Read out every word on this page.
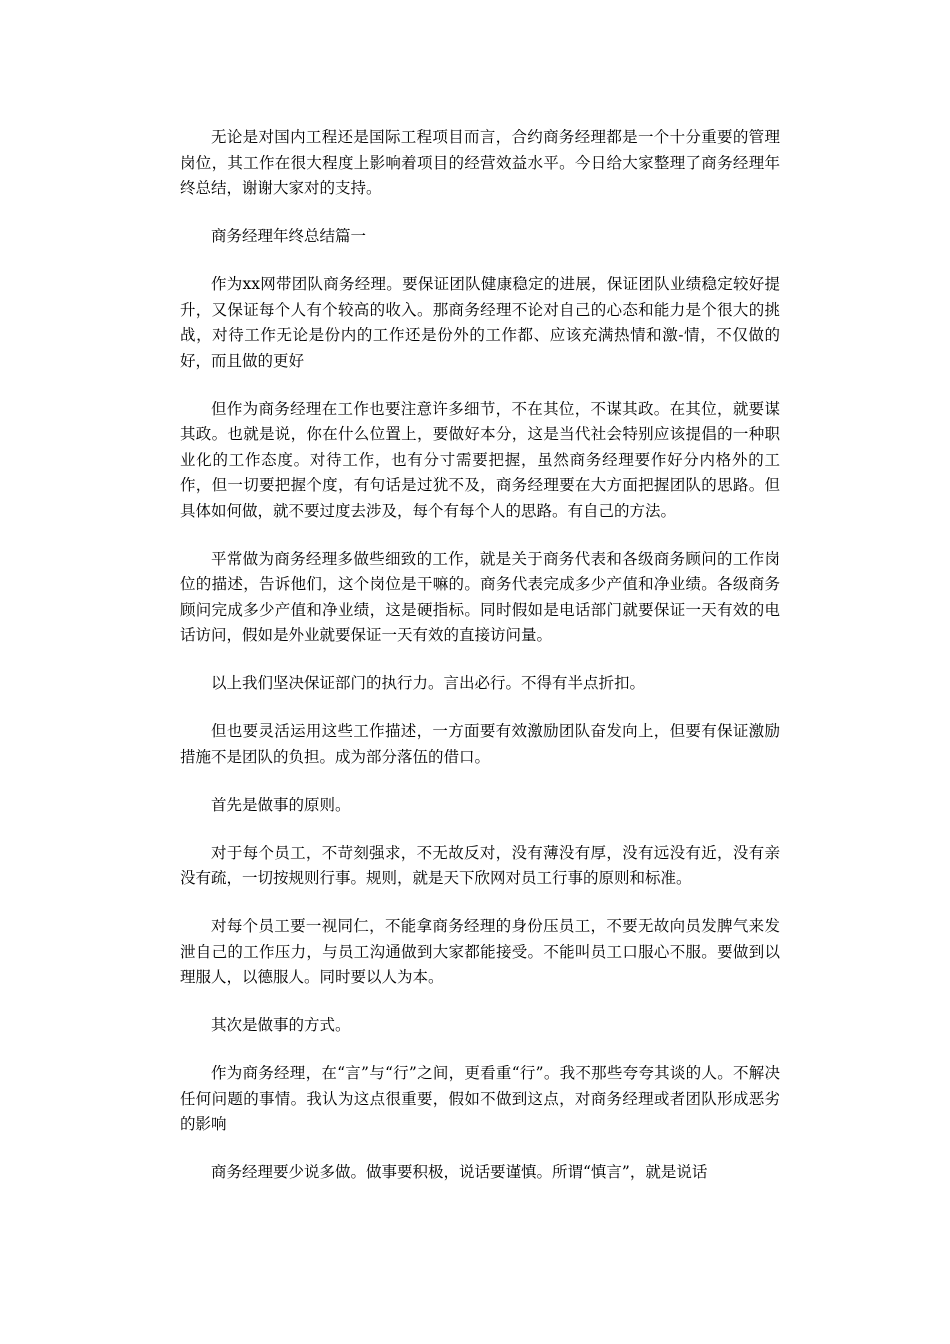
无论是对国内工程还是国际工程项目而言，合约商务经理都是一个十分重要的管理岗位，其工作在很大程度上影响着项目的经营效益水平。今日给大家整理了商务经理年终总结，谢谢大家对的支持。

商务经理年终总结篇一

作为xx网带团队商务经理。要保证团队健康稳定的进展，保证团队业绩稳定较好提升，又保证每个人有个较高的收入。那商务经理不论对自己的心态和能力是个很大的挑战，对待工作无论是份内的工作还是份外的工作都、应该充满热情和激-情，不仅做的好，而且做的更好

但作为商务经理在工作也要注意许多细节，不在其位，不谋其政。在其位，就要谋其政。也就是说，你在什么位置上，要做好本分，这是当代社会特别应该提倡的一种职业化的工作态度。对待工作，也有分寸需要把握，虽然商务经理要作好分内格外的工作，但一切要把握个度，有句话是过犹不及，商务经理要在大方面把握团队的思路。但具体如何做，就不要过度去涉及，每个有每个人的思路。有自己的方法。

平常做为商务经理多做些细致的工作，就是关于商务代表和各级商务顾问的工作岗位的描述，告诉他们，这个岗位是干嘛的。商务代表完成多少产值和净业绩。各级商务顾问完成多少产值和净业绩，这是硬指标。同时假如是电话部门就要保证一天有效的电话访问，假如是外业就要保证一天有效的直接访问量。

以上我们坚决保证部门的执行力。言出必行。不得有半点折扣。

但也要灵活运用这些工作描述，一方面要有效激励团队奋发向上，但要有保证激励措施不是团队的负担。成为部分落伍的借口。

首先是做事的原则。

对于每个员工，不苛刻强求，不无故反对，没有薄没有厚，没有远没有近，没有亲没有疏，一切按规则行事。规则，就是天下欣网对员工行事的原则和标准。

对每个员工要一视同仁，不能拿商务经理的身份压员工，不要无故向员发脾气来发泄自己的工作压力，与员工沟通做到大家都能接受。不能叫员工口服心不服。要做到以理服人，以德服人。同时要以人为本。

其次是做事的方式。

作为商务经理，在“言”与“行”之间，更看重“行”。我不那些夸夸其谈的人。不解决任何问题的事情。我认为这点很重要，假如不做到这点，对商务经理或者团队形成恶劣的影响

商务经理要少说多做。做事要积极，说话要谨慎。所谓“慎言”，就是说话
